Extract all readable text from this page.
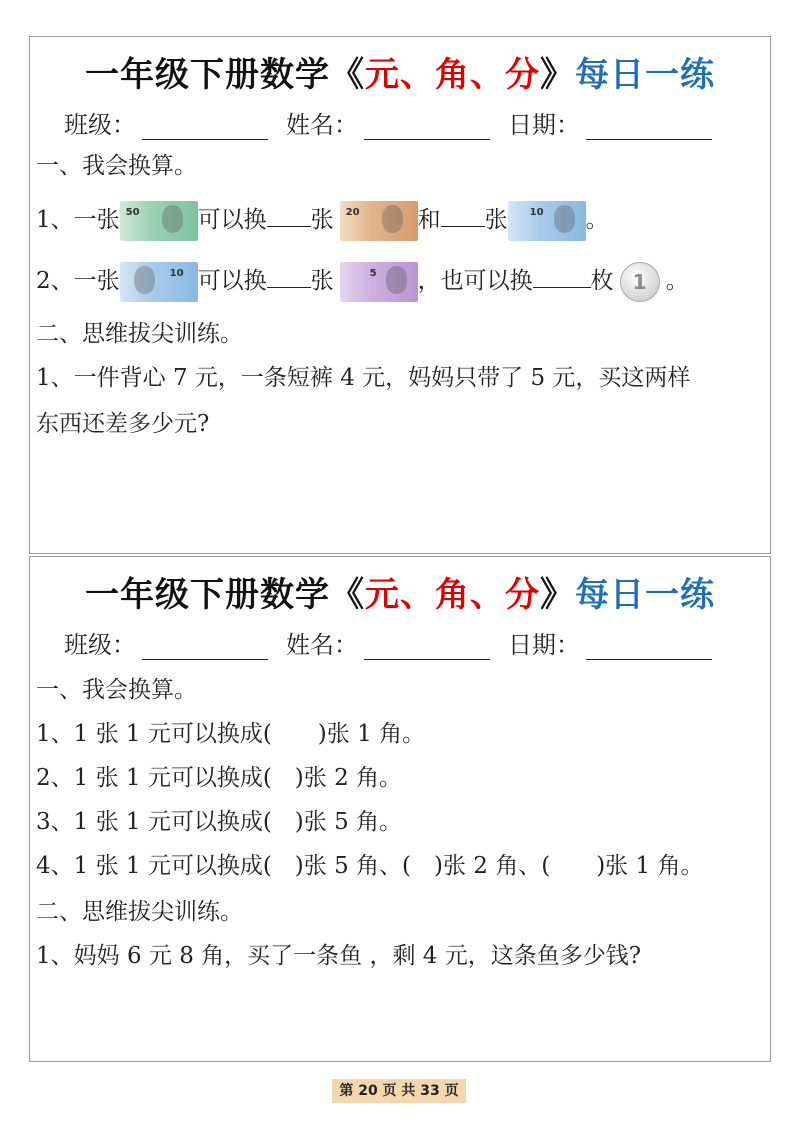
一年级下册数学《元、角、分》每日一练
班级：	姓名：	日期：
一、我会换算。
1、一张 50	可以换 张 20	和 张 10 。
2、一张	10 可以换 张	5 ，也可以换	枚 1 。
二、思维拔尖训练。
1、一件背心 7 元，一条短裤 4 元，妈妈只带了 5 元，买这两样
东西还差多少元?
一年级下册数学《元、角、分》每日一练
班级：	姓名：	日期：
一、我会换算。
1、1 张 1 元可以换成(　　)张 1 角。
2、1 张 1 元可以换成(　)张 2 角。
3、1 张 1 元可以换成(　)张 5 角。
4、1 张 1 元可以换成(　)张 5 角、(　)张 2 角、(　　)张 1 角。
二、思维拔尖训练。
1、妈妈 6 元 8 角，买了一条鱼 ，剩 4 元，这条鱼多少钱?
第 20 页 共 33 页
